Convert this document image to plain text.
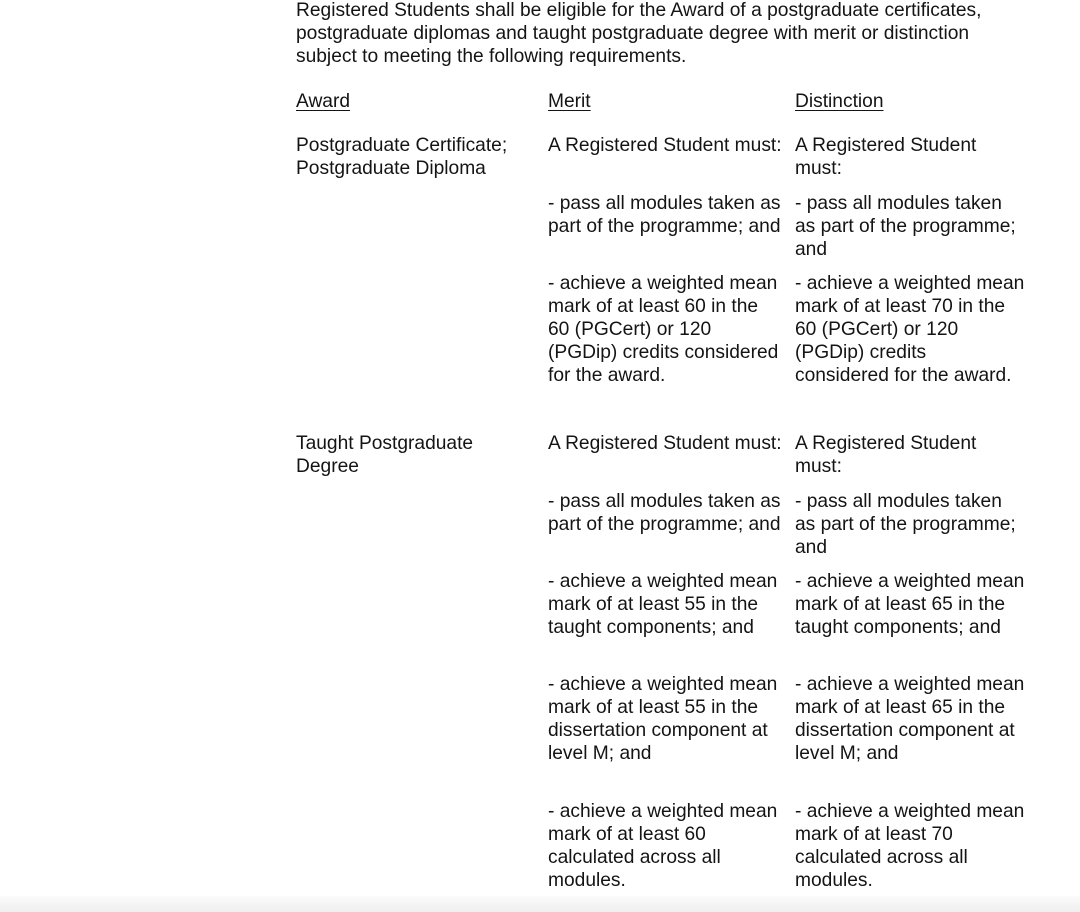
Registered Students shall be eligible for the Award of a postgraduate certificates, postgraduate diplomas and taught postgraduate degree with merit or distinction subject to meeting the following requirements.

Award	Merit	Distinction

Postgraduate Certificate; Postgraduate Diploma

A Registered Student must:

- pass all modules taken as part of the programme; and

- achieve a weighted mean mark of at least 60 in the 60 (PGCert) or 120 (PGDip) credits considered for the award.

A Registered Student must:

- pass all modules taken as part of the programme; and

- achieve a weighted mean mark of at least 70 in the 60 (PGCert) or 120 (PGDip) credits considered for the award.

Taught Postgraduate Degree

A Registered Student must:

- pass all modules taken as part of the programme; and

- achieve a weighted mean mark of at least 55 in the taught components; and

- achieve a weighted mean mark of at least 55 in the dissertation component at level M; and

- achieve a weighted mean mark of at least 60 calculated across all modules.

A Registered Student must:

- pass all modules taken as part of the programme; and

- achieve a weighted mean mark of at least 65 in the taught components; and

- achieve a weighted mean mark of at least 65 in the dissertation component at level M; and

- achieve a weighted mean mark of at least 70 calculated across all modules.
